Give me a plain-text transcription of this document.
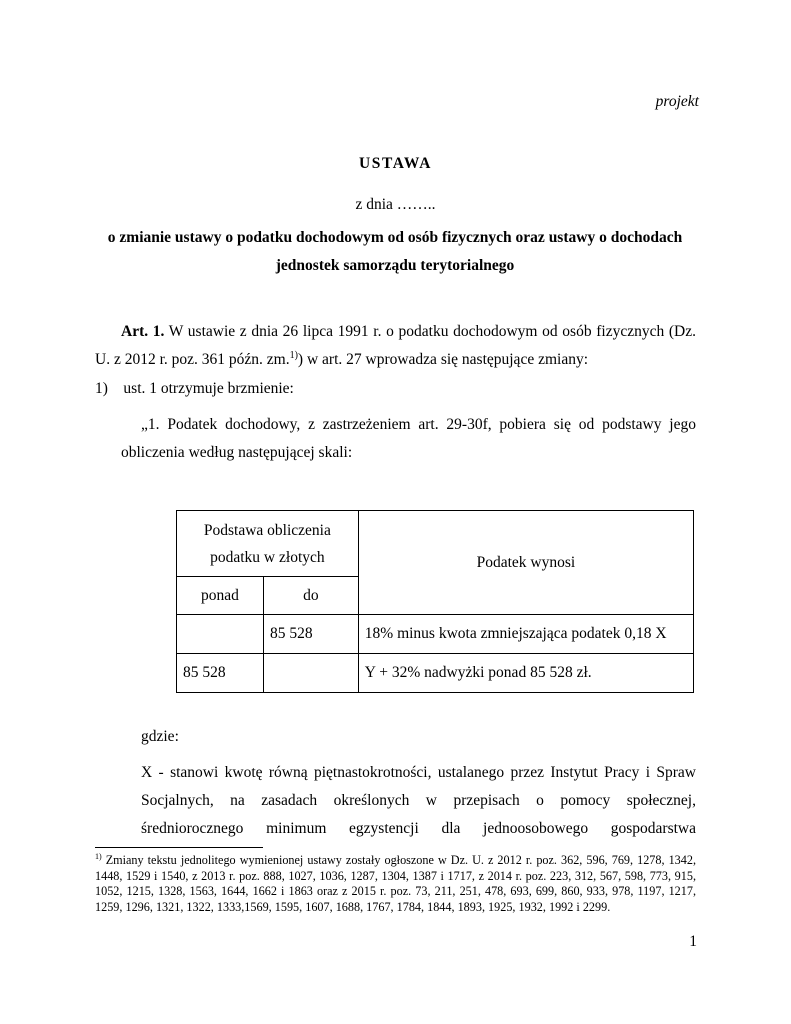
projekt
USTAWA
z dnia ……..
o zmianie ustawy o podatku dochodowym od osób fizycznych oraz ustawy o dochodach jednostek samorządu terytorialnego
Art. 1. W ustawie z dnia 26 lipca 1991 r. o podatku dochodowym od osób fizycznych (Dz. U. z 2012 r. poz. 361 późn. zm.$^{1)}$) w art. 27 wprowadza się następujące zmiany:
1)    ust. 1 otrzymuje brzmienie:
„1. Podatek dochodowy, z zastrzeżeniem art. 29-30f, pobiera się od podstawy jego obliczenia według następującej skali:
Podstawa obliczenia podatku w złotych		Podatek wynosi
ponad	do	
	85 528	18% minus kwota zmniejszająca podatek 0,18 X
85 528		Y + 32% nadwyżki ponad 85 528 zł.
gdzie:
X - stanowi kwotę równą piętnastokrotności, ustalanego przez Instytut Pracy i Spraw Socjalnych, na zasadach określonych w przepisach o pomocy społecznej, średniorocznego minimum egzystencji dla jednoosobowego gospodarstwa
$^{1)}$ Zmiany tekstu jednolitego wymienionej ustawy zostały ogłoszone w Dz. U. z 2012 r. poz. 362, 596, 769, 1278, 1342, 1448, 1529 i 1540, z 2013 r. poz. 888, 1027, 1036, 1287, 1304, 1387 i 1717, z 2014 r. poz. 223, 312, 567, 598, 773, 915, 1052, 1215, 1328, 1563, 1644, 1662 i 1863 oraz z 2015 r. poz. 73, 211, 251, 478, 693, 699, 860, 933, 978, 1197, 1217, 1259, 1296, 1321, 1322, 1333,1569, 1595, 1607, 1688, 1767, 1784, 1844, 1893, 1925, 1932, 1992 i 2299.
1
